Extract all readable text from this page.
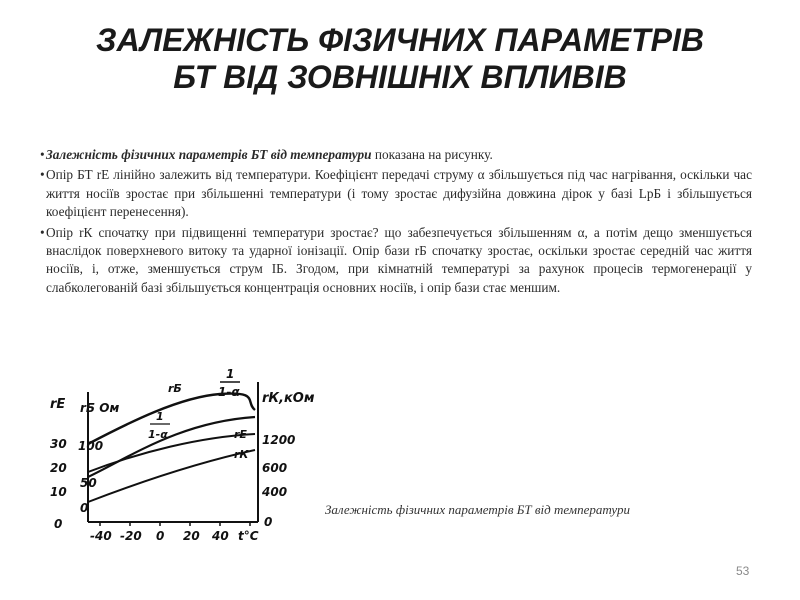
ЗАЛЕЖНІСТЬ ФІЗИЧНИХ ПАРАМЕТРІВ
БТ ВІД ЗОВНІШНІХ ВПЛИВІВ
• Залежність фізичних параметрів БТ від температури показана на рисунку.
• Опір БТ rЕ лінійно залежить від температури. Коефіцієнт передачі струму α збільшується під час нагрівання, оскільки час життя носіїв зростає при збільшенні температури (і тому зростає дифузійна довжина дірок у базі LрБ і збільшується коефіцієнт перенесення).
• Опір rК спочатку при підвищенні температури зростає? що забезпечується збільшенням α, а потім дещо зменшується внаслідок поверхневого витоку та ударної іонізації. Опір бази rБ спочатку зростає, оскільки зростає середній час життя носіїв, і, отже, зменшується струм IБ. Згодом, при кімнатній температурі за рахунок процесів термогенерації у слабколегованій базі збільшується концентрація основних носіїв, і опір бази стає меншим.
rЕ rБ Ом
30
20
10
0
100
50
0
rК,кОм
1200
600
400
0
-40 -20 0 20 40 t°C
rБ
1
1-α
1
1-α	rЕ
rК
Залежність фізичних параметрів БТ від температури
53
